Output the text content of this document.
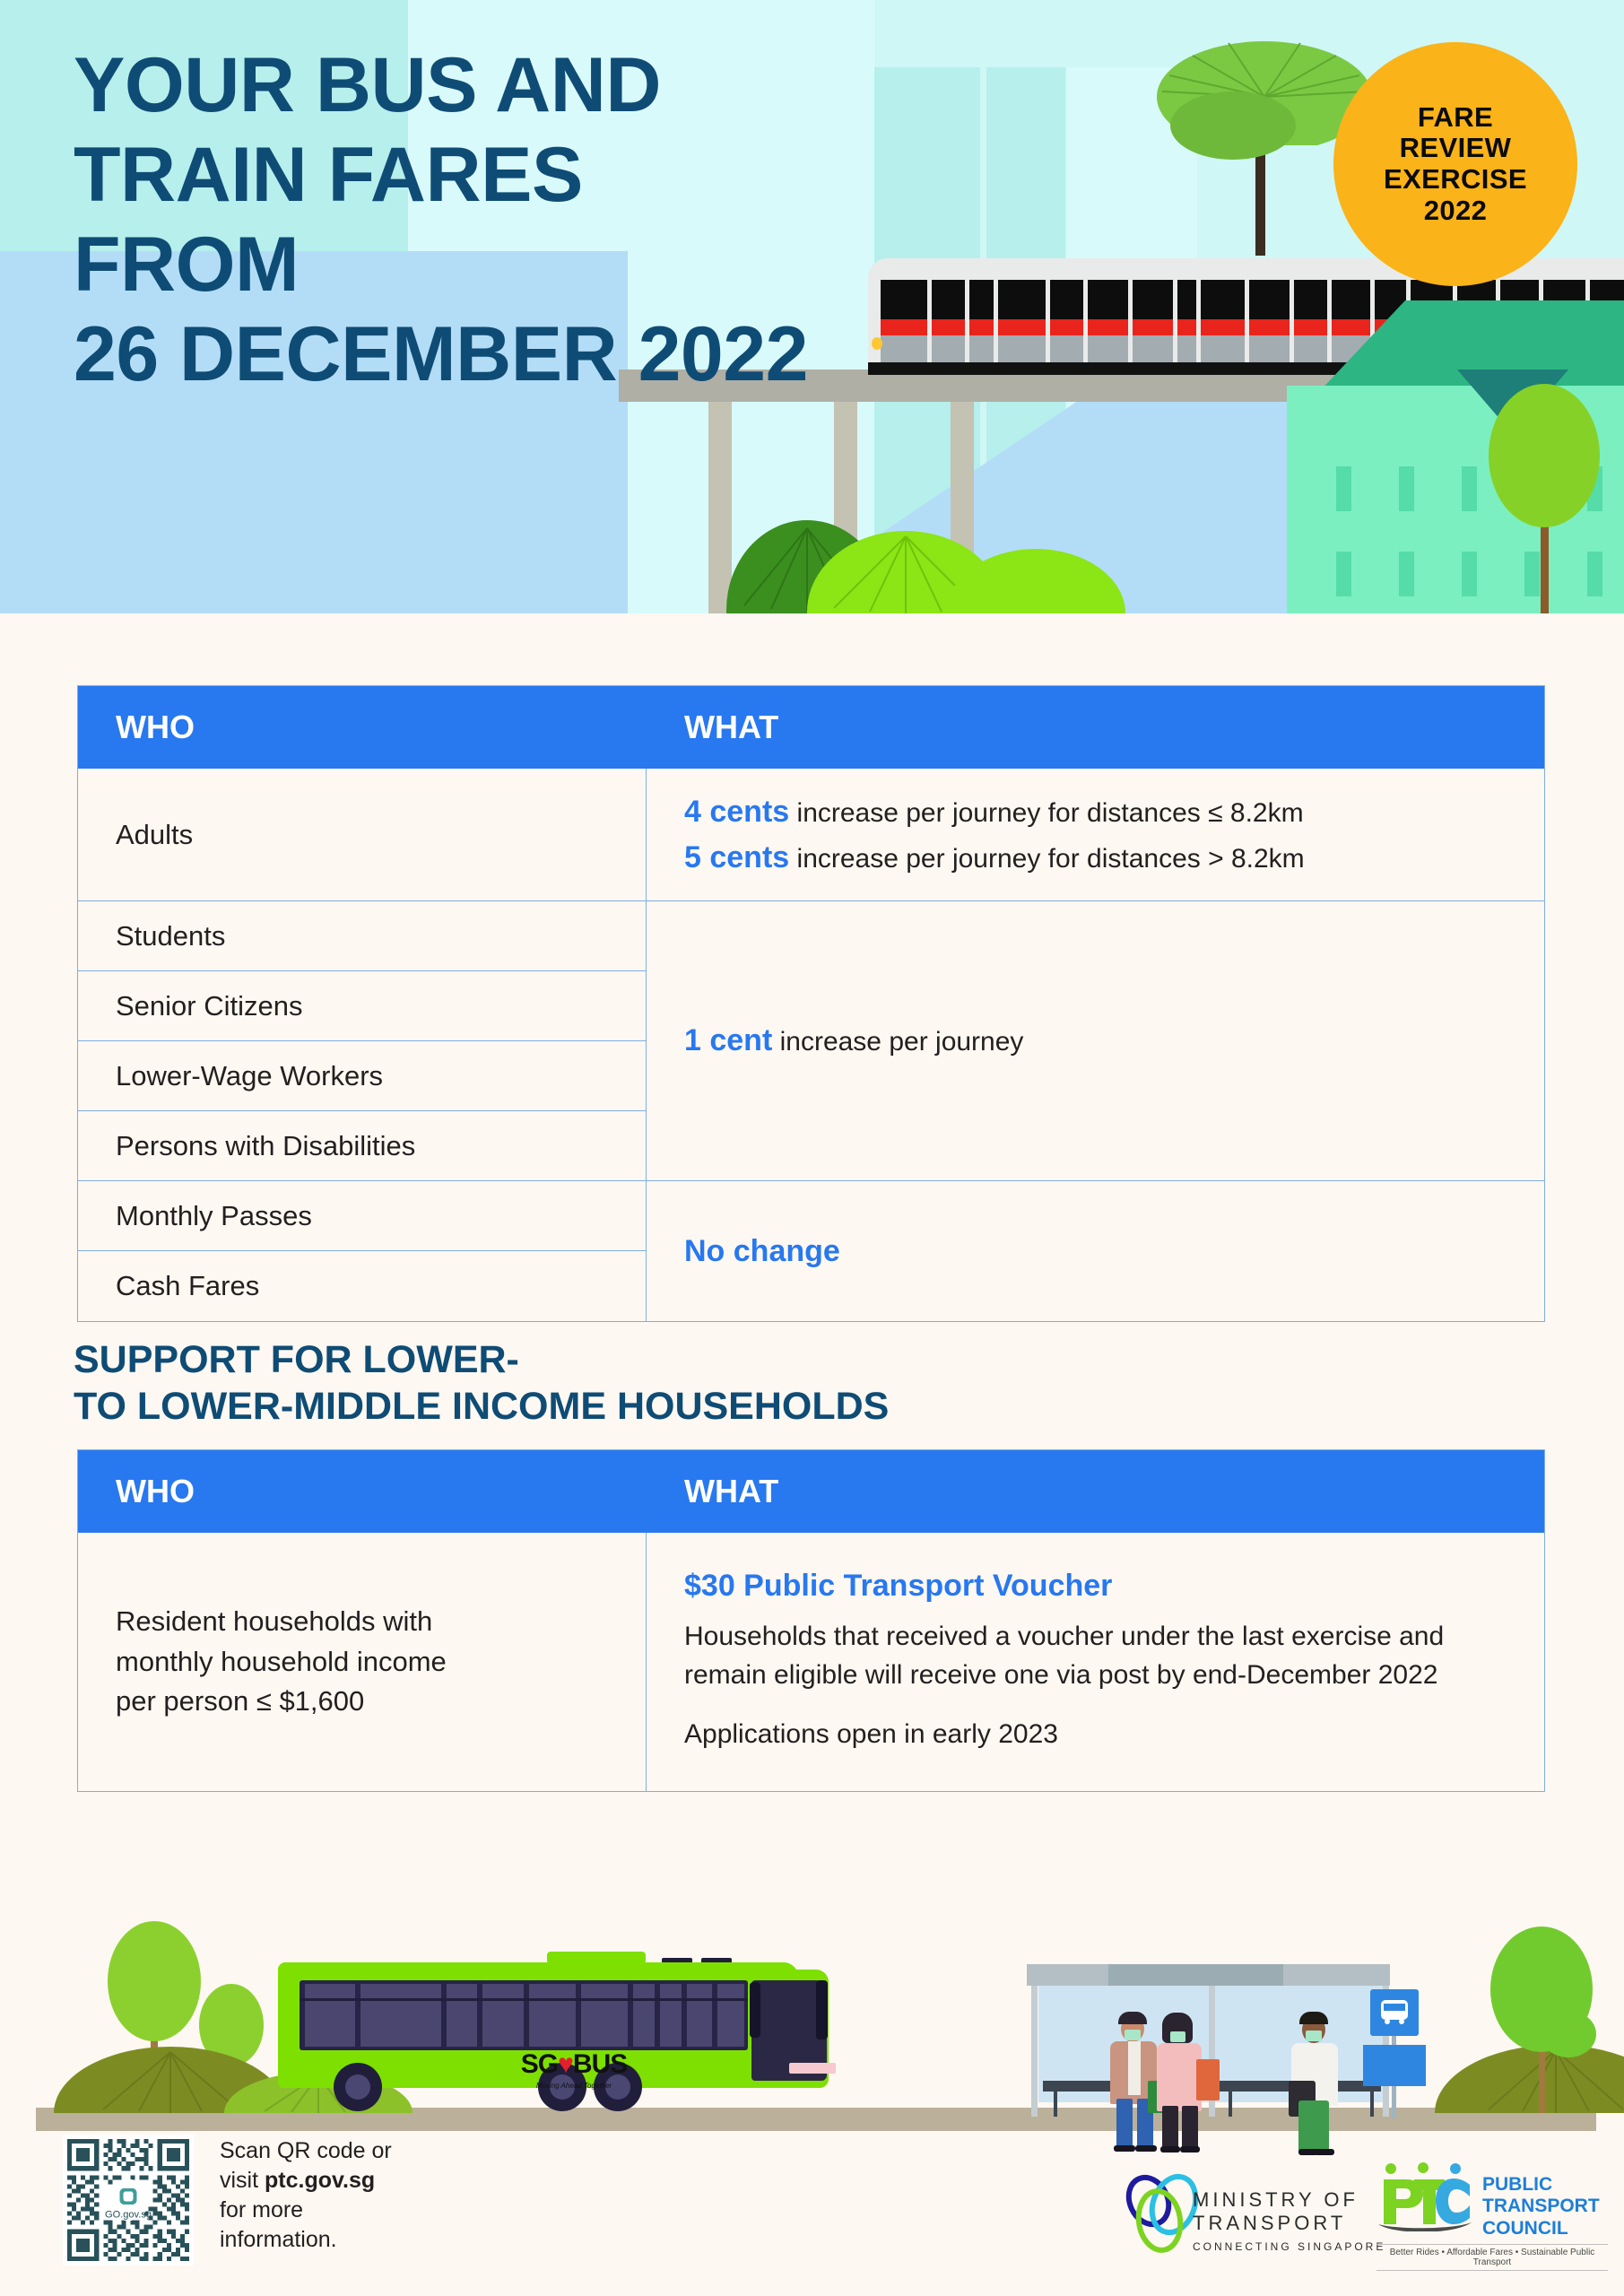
FARE
REVIEW
EXERCISE
2022
YOUR BUS AND
TRAIN FARES
FROM
26 DECEMBER 2022
WHO	WHAT
Adults
Students
Senior Citizens
Lower-Wage Workers
Persons with Disabilities
Monthly Passes
Cash Fares
4 cents increase per journey for distances ≤ 8.2km
5 cents increase per journey for distances > 8.2km
1 cent increase per journey
No change
SUPPORT FOR LOWER-
TO LOWER-MIDDLE INCOME HOUSEHOLDS
WHO	WHAT
Resident households with
monthly household income
per person ≤ $1,600
$30 Public Transport Voucher
Households that received a voucher under the last exercise and remain eligible will receive one via post by end-December 2022
Applications open in early 2023
SG♥BUS
Moving Ahead Together
GO.gov.sg
Scan QR code or
visit ptc.gov.sg
for more
information.
MINISTRY OF
TRANSPORT
CONNECTING SINGAPORE
PUBLIC
TRANSPORT
COUNCIL
Better Rides • Affordable Fares • Sustainable Public Transport
